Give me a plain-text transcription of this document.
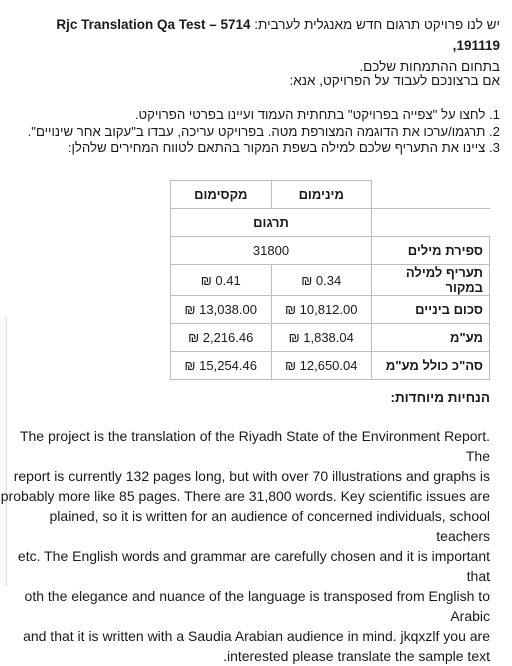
יש לנו פרויקט תרגום חדש מאנגלית לערבית: Rjc Translation Qa Test – 5714 191119,
בתחום ההתמחות שלכם.
אם ברצונכם לעבוד על הפרויקט, אנא:
1. לחצו על "צפייה בפרויקט" בתחתית העמוד ועיינו בפרטי הפרויקט.
2. תרגמו/ערכו את הדוגמה המצורפת מטה. בפרויקט עריכה, עבדו ב"עקוב אחר שינויים".
3. ציינו את התעריף שלכם למילה בשפת המקור בהתאם לטווח המחירים שלהלן:
	מינימום	מקסימום
	תרגום	
ספירת מילים	31800	
תעריף למילה במקור	₪ 0.34	₪ 0.41
סכום ביניים	₪ 10,812.00	₪ 13,038.00
מע"מ	₪ 1,838.04	₪ 2,216.46
סה"כ כולל מע"מ	₪ 12,650.04	₪ 15,254.46
הנחיות מיוחדות:
The project is the translation of the Riyadh State of the Environment Report. The
report is currently 132 pages long, but with over 70 illustrations and graphs is
probably more like 85 pages. There are 31,800 words. Key scientific issues are
plained, so it is written for an audience of concerned individuals, school teachers
etc. The English words and grammar are carefully chosen and it is important that
oth the elegance and nuance of the language is transposed from English to Arabic
and that it is written with a Saudia Arabian audience in mind. jkqxzlf you are
.interested please translate the sample text
